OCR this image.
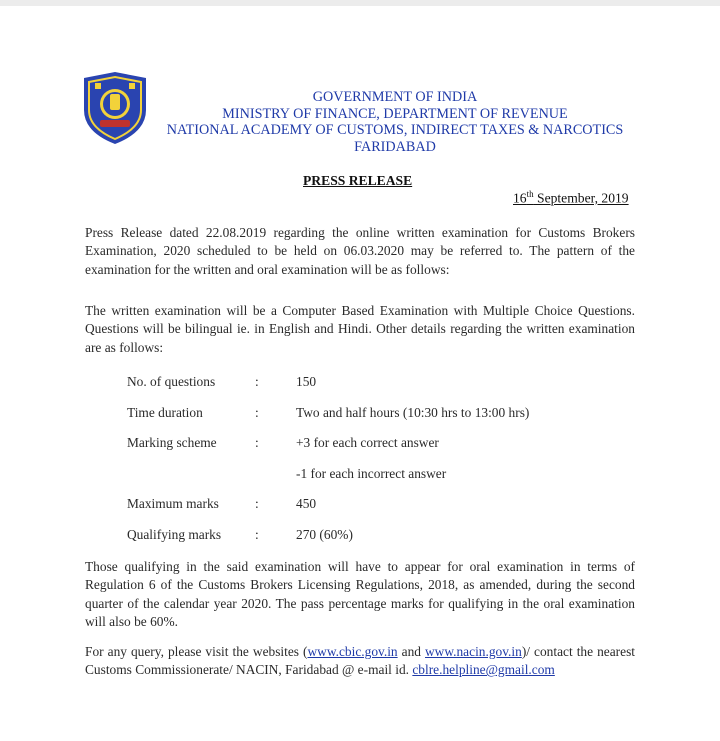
GOVERNMENT OF INDIA
MINISTRY OF FINANCE, DEPARTMENT OF REVENUE
NATIONAL ACADEMY OF CUSTOMS, INDIRECT TAXES & NARCOTICS
FARIDABAD
PRESS RELEASE
16th September, 2019
Press Release dated 22.08.2019 regarding the online written examination for Customs Brokers Examination, 2020 scheduled to be held on 06.03.2020 may be referred to. The pattern of the examination for the written and oral examination will be as follows:
The written examination will be a Computer Based Examination with Multiple Choice Questions. Questions will be bilingual ie. in English and Hindi. Other details regarding the written examination are as follows:
No. of questions	:	150
Time duration	:	Two and half hours (10:30 hrs to 13:00 hrs)
Marking scheme	:	+3 for each correct answer
-1 for each incorrect answer
Maximum marks	:	450
Qualifying marks	:	270 (60%)
Those qualifying in the said examination will have to appear for oral examination in terms of Regulation 6 of the Customs Brokers Licensing Regulations, 2018, as amended, during the second quarter of the calendar year 2020. The pass percentage marks for qualifying in the oral examination will also be 60%.
For any query, please visit the websites (www.cbic.gov.in and www.nacin.gov.in)/ contact the nearest Customs Commissionerate/ NACIN, Faridabad @ e-mail id. cblre.helpline@gmail.com
